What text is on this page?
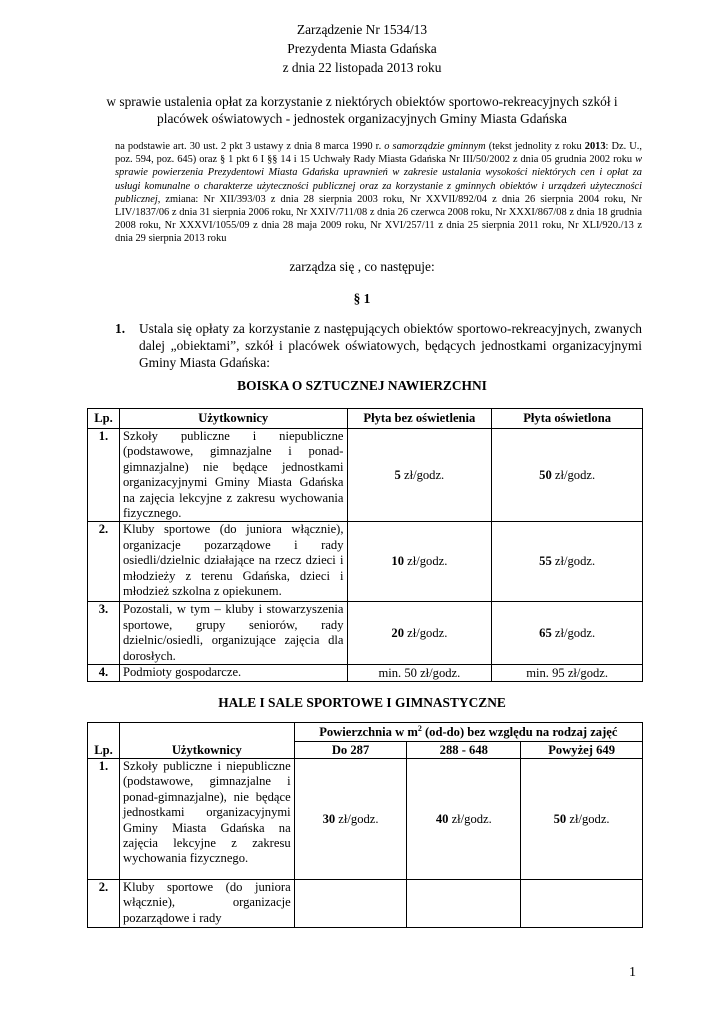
Zarządzenie Nr 1534/13
Prezydenta Miasta Gdańska
z dnia 22 listopada 2013 roku
w sprawie ustalenia opłat za korzystanie z niektórych obiektów sportowo-rekreacyjnych szkół i
placówek oświatowych - jednostek organizacyjnych Gminy Miasta Gdańska
na podstawie art. 30 ust. 2 pkt 3 ustawy z dnia 8 marca 1990 r. o samorządzie gminnym (tekst jednolity z roku 2013: Dz. U., poz. 594, poz. 645) oraz § 1 pkt 6 I §§ 14 i 15 Uchwały Rady Miasta Gdańska Nr III/50/2002 z dnia 05 grudnia 2002 roku w sprawie powierzenia Prezydentowi Miasta Gdańska uprawnień w zakresie ustalania wysokości niektórych cen i opłat za usługi komunalne o charakterze użyteczności publicznej oraz za korzystanie z gminnych obiektów i urządzeń użyteczności publicznej, zmiana: Nr XII/393/03 z dnia 28 sierpnia 2003 roku, Nr XXVII/892/04 z dnia 26 sierpnia 2004 roku, Nr LIV/1837/06 z dnia 31 sierpnia 2006 roku, Nr XXIV/711/08 z dnia 26 czerwca 2008 roku, Nr XXXI/867/08 z dnia 18 grudnia 2008 roku, Nr XXXVI/1055/09 z dnia 28 maja 2009 roku, Nr XVI/257/11 z dnia 25 sierpnia 2011 roku, Nr XLI/920./13 z dnia 29 sierpnia 2013 roku
zarządza się , co następuje:
§ 1
1. Ustala się opłaty za korzystanie z następujących obiektów sportowo-rekreacyjnych, zwanych dalej „obiektami”, szkół i placówek oświatowych, będących jednostkami organizacyjnymi Gminy Miasta Gdańska:
BOISKA O SZTUCZNEJ NAWIERZCHNI
Lp.	Użytkownicy	Płyta bez oświetlenia	Płyta oświetlona
1.	Szkoły publiczne i niepubliczne (podstawowe, gimnazjalne i ponad-gimnazjalne) nie będące jednostkami organizacyjnymi Gminy Miasta Gdańska na zajęcia lekcyjne z zakresu wychowania fizycznego.	5 zł/godz.	50 zł/godz.
2.	Kluby sportowe (do juniora włącznie), organizacje pozarządowe i rady osiedli/dzielnic działające na rzecz dzieci i młodzieży z terenu Gdańska, dzieci i młodzież szkolna z opiekunem.	10 zł/godz.	55 zł/godz.
3.	Pozostali, w tym – kluby i stowarzyszenia sportowe, grupy seniorów, rady dzielnic/osiedli, organizujące zajęcia dla dorosłych.	20 zł/godz.	65 zł/godz.
4.	Podmioty gospodarcze.	min. 50 zł/godz.	min. 95 zł/godz.
HALE I SALE SPORTOWE I GIMNASTYCZNE
Lp.	Użytkownicy	Powierzchnia w $m^2$ (od-do) bez względu na rodzaj zajęć		
		Do 287	288 - 648	Powyżej 649
1.	Szkoły publiczne i niepubliczne (podstawowe, gimnazjalne i ponad-gimnazjalne), nie będące jednostkami organizacyjnymi Gminy Miasta Gdańska na zajęcia lekcyjne z zakresu wychowania fizycznego.	30 zł/godz.	40 zł/godz.	50 zł/godz.
2.	Kluby sportowe (do juniora włącznie), organizacje pozarządowe i rady			
1
